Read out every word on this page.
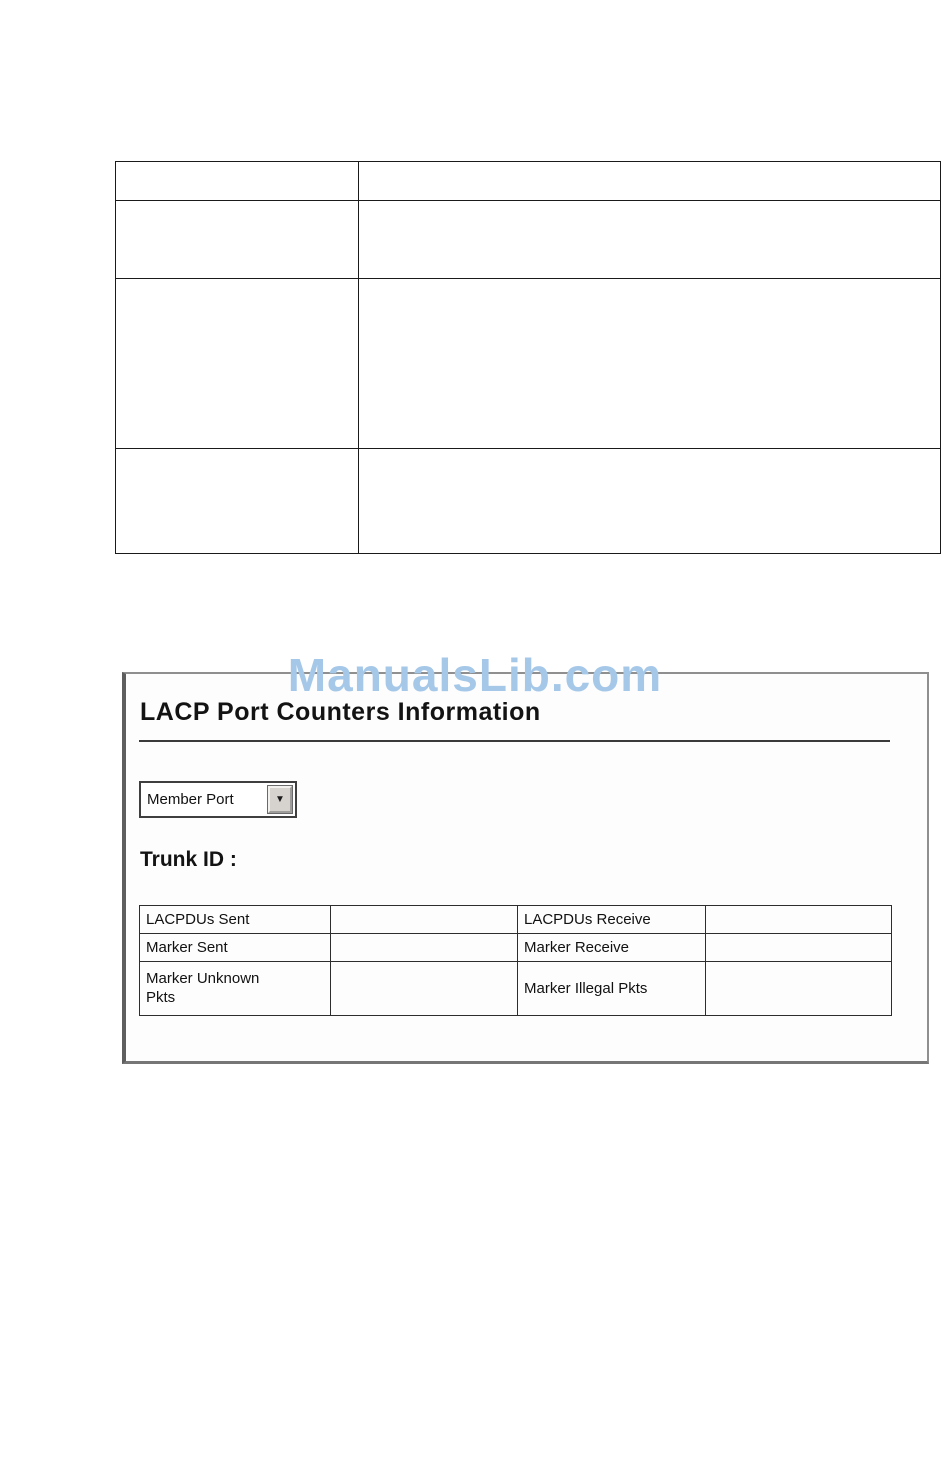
ManualsLib.com
LACP Port Counters Information
Member Port	▼
Trunk ID :
LACPDUs Sent		LACPDUs Receive	
Marker Sent		Marker Receive	
Marker Unknown Pkts		Marker Illegal Pkts	
